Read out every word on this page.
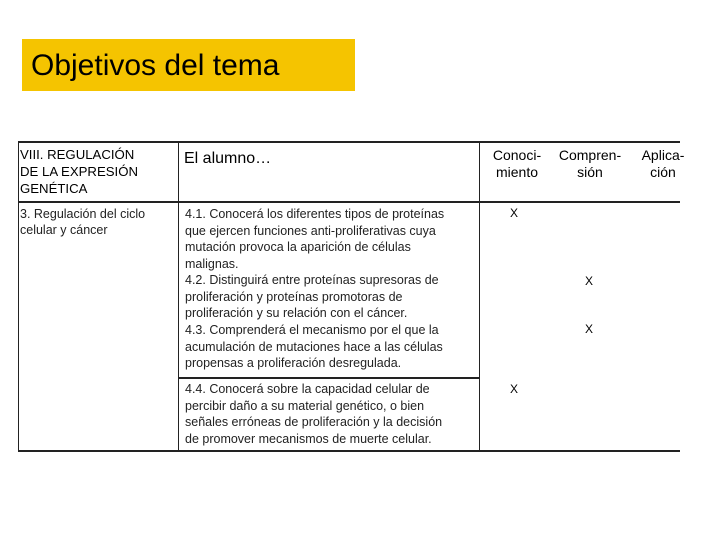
Objetivos del tema
VIII. REGULACIÓN
DE LA EXPRESIÓN
GENÉTICA
El alumno…	Conoci-
miento
Compren-
sión
Aplica-
ción
3. Regulación del ciclo
celular y cáncer
4.1. Conocerá los diferentes tipos de proteínas
que ejercen funciones anti-proliferativas cuya
mutación provoca la aparición de células
malignas.
X
4.2. Distinguirá entre proteínas supresoras de
proliferación y proteínas promotoras de
proliferación y su relación con el cáncer.
X
4.3. Comprenderá el mecanismo por el que la
acumulación de mutaciones hace a las células
propensas a proliferación desregulada.
X
4.4. Conocerá sobre la capacidad celular de
percibir daño a su material genético, o bien
señales erróneas de proliferación y la decisión
de promover mecanismos de muerte celular.
X
